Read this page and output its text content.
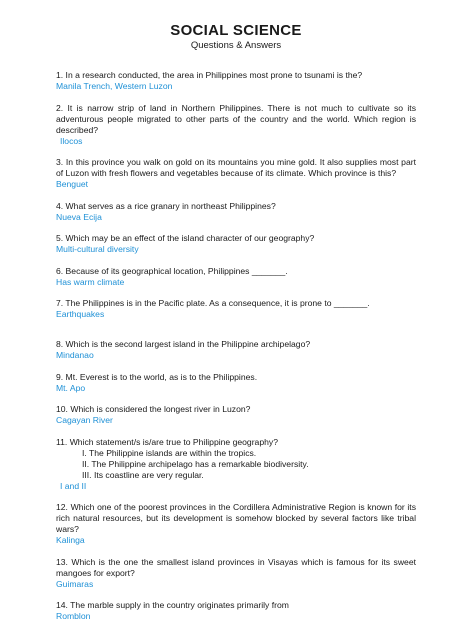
SOCIAL SCIENCE
Questions & Answers
1. In a research conducted, the area in Philippines most prone to tsunami is the?
Manila Trench, Western Luzon
2. It is narrow strip of land in Northern Philippines. There is not much to cultivate so its adventurous people migrated to other parts of the country and the world. Which region is described?
Ilocos
3. In this province you walk on gold on its mountains you mine gold. It also supplies most part of Luzon with fresh flowers and vegetables because of its climate. Which province is this?
Benguet
4. What serves as a rice granary in northeast Philippines?
Nueva Ecija
5. Which may be an effect of the island character of our geography?
Multi-cultural diversity
6. Because of its geographical location, Philippines _______.
Has warm climate
7. The Philippines is in the Pacific plate. As a consequence, it is prone to _______.
Earthquakes
8. Which is the second largest island in the Philippine archipelago?
Mindanao
9. Mt. Everest is to the world, as is to the Philippines.
Mt. Apo
10. Which is considered the longest river in Luzon?
Cagayan River
11. Which statement/s is/are true to Philippine geography?
I. The Philippine islands are within the tropics.
II. The Philippine archipelago has a remarkable biodiversity.
III. Its coastline are very regular.
I and II
12. Which one of the poorest provinces in the Cordillera Administrative Region is known for its rich natural resources, but its development is somehow blocked by several factors like tribal wars?
Kalinga
13. Which is the one the smallest island provinces in Visayas which is famous for its sweet mangoes for export?
Guimaras
14. The marble supply in the country originates primarily from
Romblon
